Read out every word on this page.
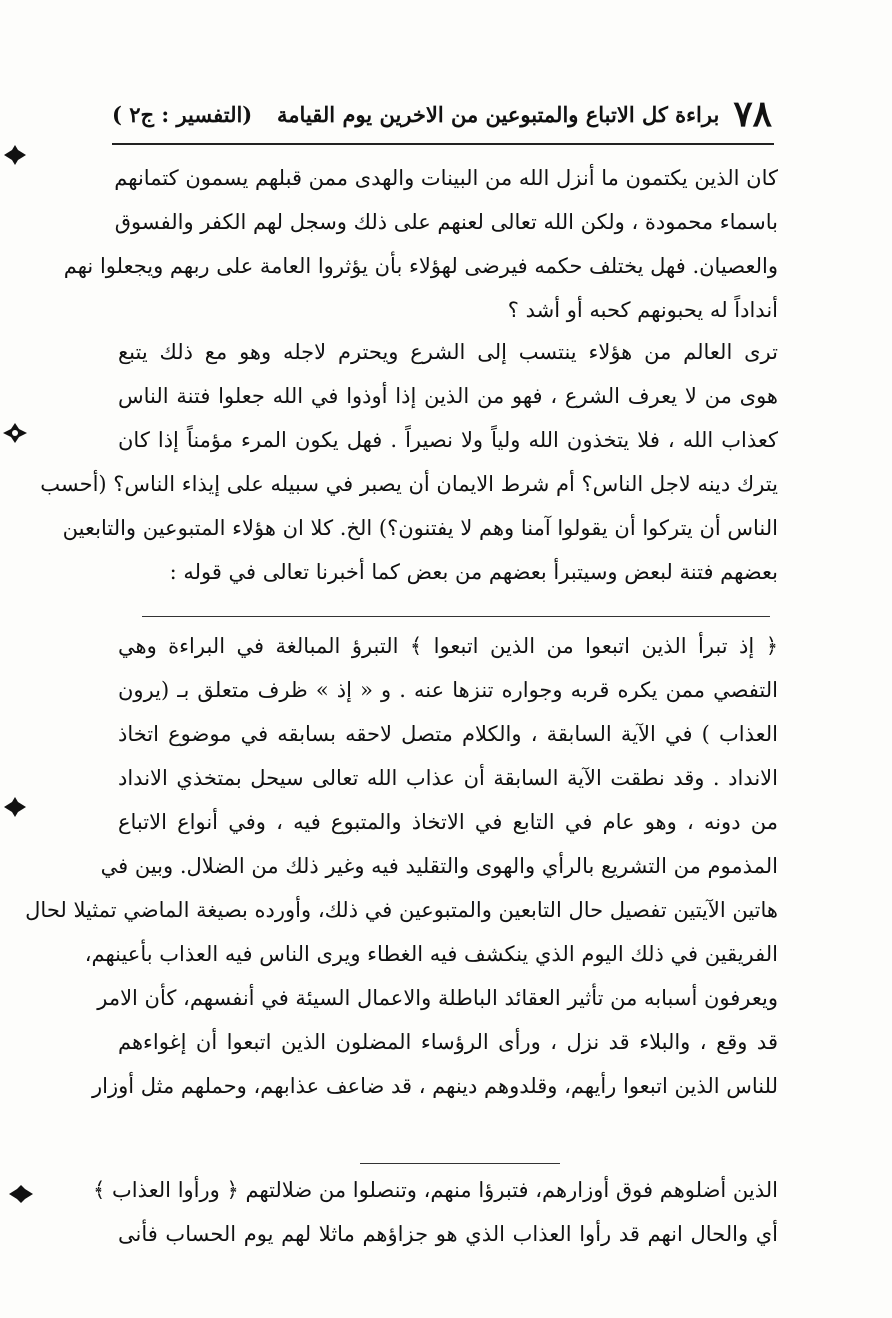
٧٨
براءة كل الاتباع والمتبوعين من الاخرين يوم القيامة
(التفسير : ج٢ )
كان الذين يكتمون ما أنزل الله من البينات والهدى ممن قبلهم يسمون كتمانهم
باسماء محمودة ، ولكن الله تعالى لعنهم على ذلك وسجل لهم الكفر والفسوق
والعصيان. فهل يختلف حكمه فيرضى لهؤلاء بأن يؤثروا العامة على ربهم ويجعلوا نهم
أنداداً له يحبونهم كحبه أو أشد ؟
ترى العالم من هؤلاء ينتسب إلى الشرع ويحترم لاجله وهو مع ذلك يتبع
هوى من لا يعرف الشرع ، فهو من الذين إذا أوذوا في الله جعلوا فتنة الناس
كعذاب الله ، فلا يتخذون الله ولياً ولا نصيراً . فهل يكون المرء مؤمناً إذا كان
يترك دينه لاجل الناس؟ أم شرط الايمان أن يصبر في سبيله على إيذاء الناس؟ (أحسب
الناس أن يتركوا أن يقولوا آمنا وهم لا يفتنون؟) الخ. كلا ان هؤلاء المتبوعين والتابعين
بعضهم فتنة لبعض وسيتبرأ بعضهم من بعض كما أخبرنا تعالى في قوله :
﴿ إذ تبرأ الذين اتبعوا من الذين اتبعوا ﴾ التبرؤ المبالغة في البراءة وهي
التفصي ممن يكره قربه وجواره تنزها عنه . و « إذ » ظرف متعلق بـ (يرون
العذاب ) في الآية السابقة ، والكلام متصل لاحقه بسابقه في موضوع اتخاذ
الانداد . وقد نطقت الآية السابقة أن عذاب الله تعالى سيحل بمتخذي الانداد
من دونه ، وهو عام في التابع في الاتخاذ والمتبوع فيه ، وفي أنواع الاتباع
المذموم من التشريع بالرأي والهوى والتقليد فيه وغير ذلك من الضلال. وبين في
هاتين الآيتين تفصيل حال التابعين والمتبوعين في ذلك، وأورده بصيغة الماضي تمثيلا لحال
الفريقين في ذلك اليوم الذي ينكشف فيه الغطاء ويرى الناس فيه العذاب بأعينهم،
ويعرفون أسبابه من تأثير العقائد الباطلة والاعمال السيئة في أنفسهم، كأن الامر
قد وقع ، والبلاء قد نزل ، ورأى الرؤساء المضلون الذين اتبعوا أن إغواءهم
للناس الذين اتبعوا رأيهم، وقلدوهم دينهم ، قد ضاعف عذابهم، وحملهم مثل أوزار
الذين أضلوهم فوق أوزارهم، فتبرؤا منهم، وتنصلوا من ضلالتهم ﴿ ورأوا العذاب ﴾
أي والحال انهم قد رأوا العذاب الذي هو جزاؤهم ماثلا لهم يوم الحساب فأنى
